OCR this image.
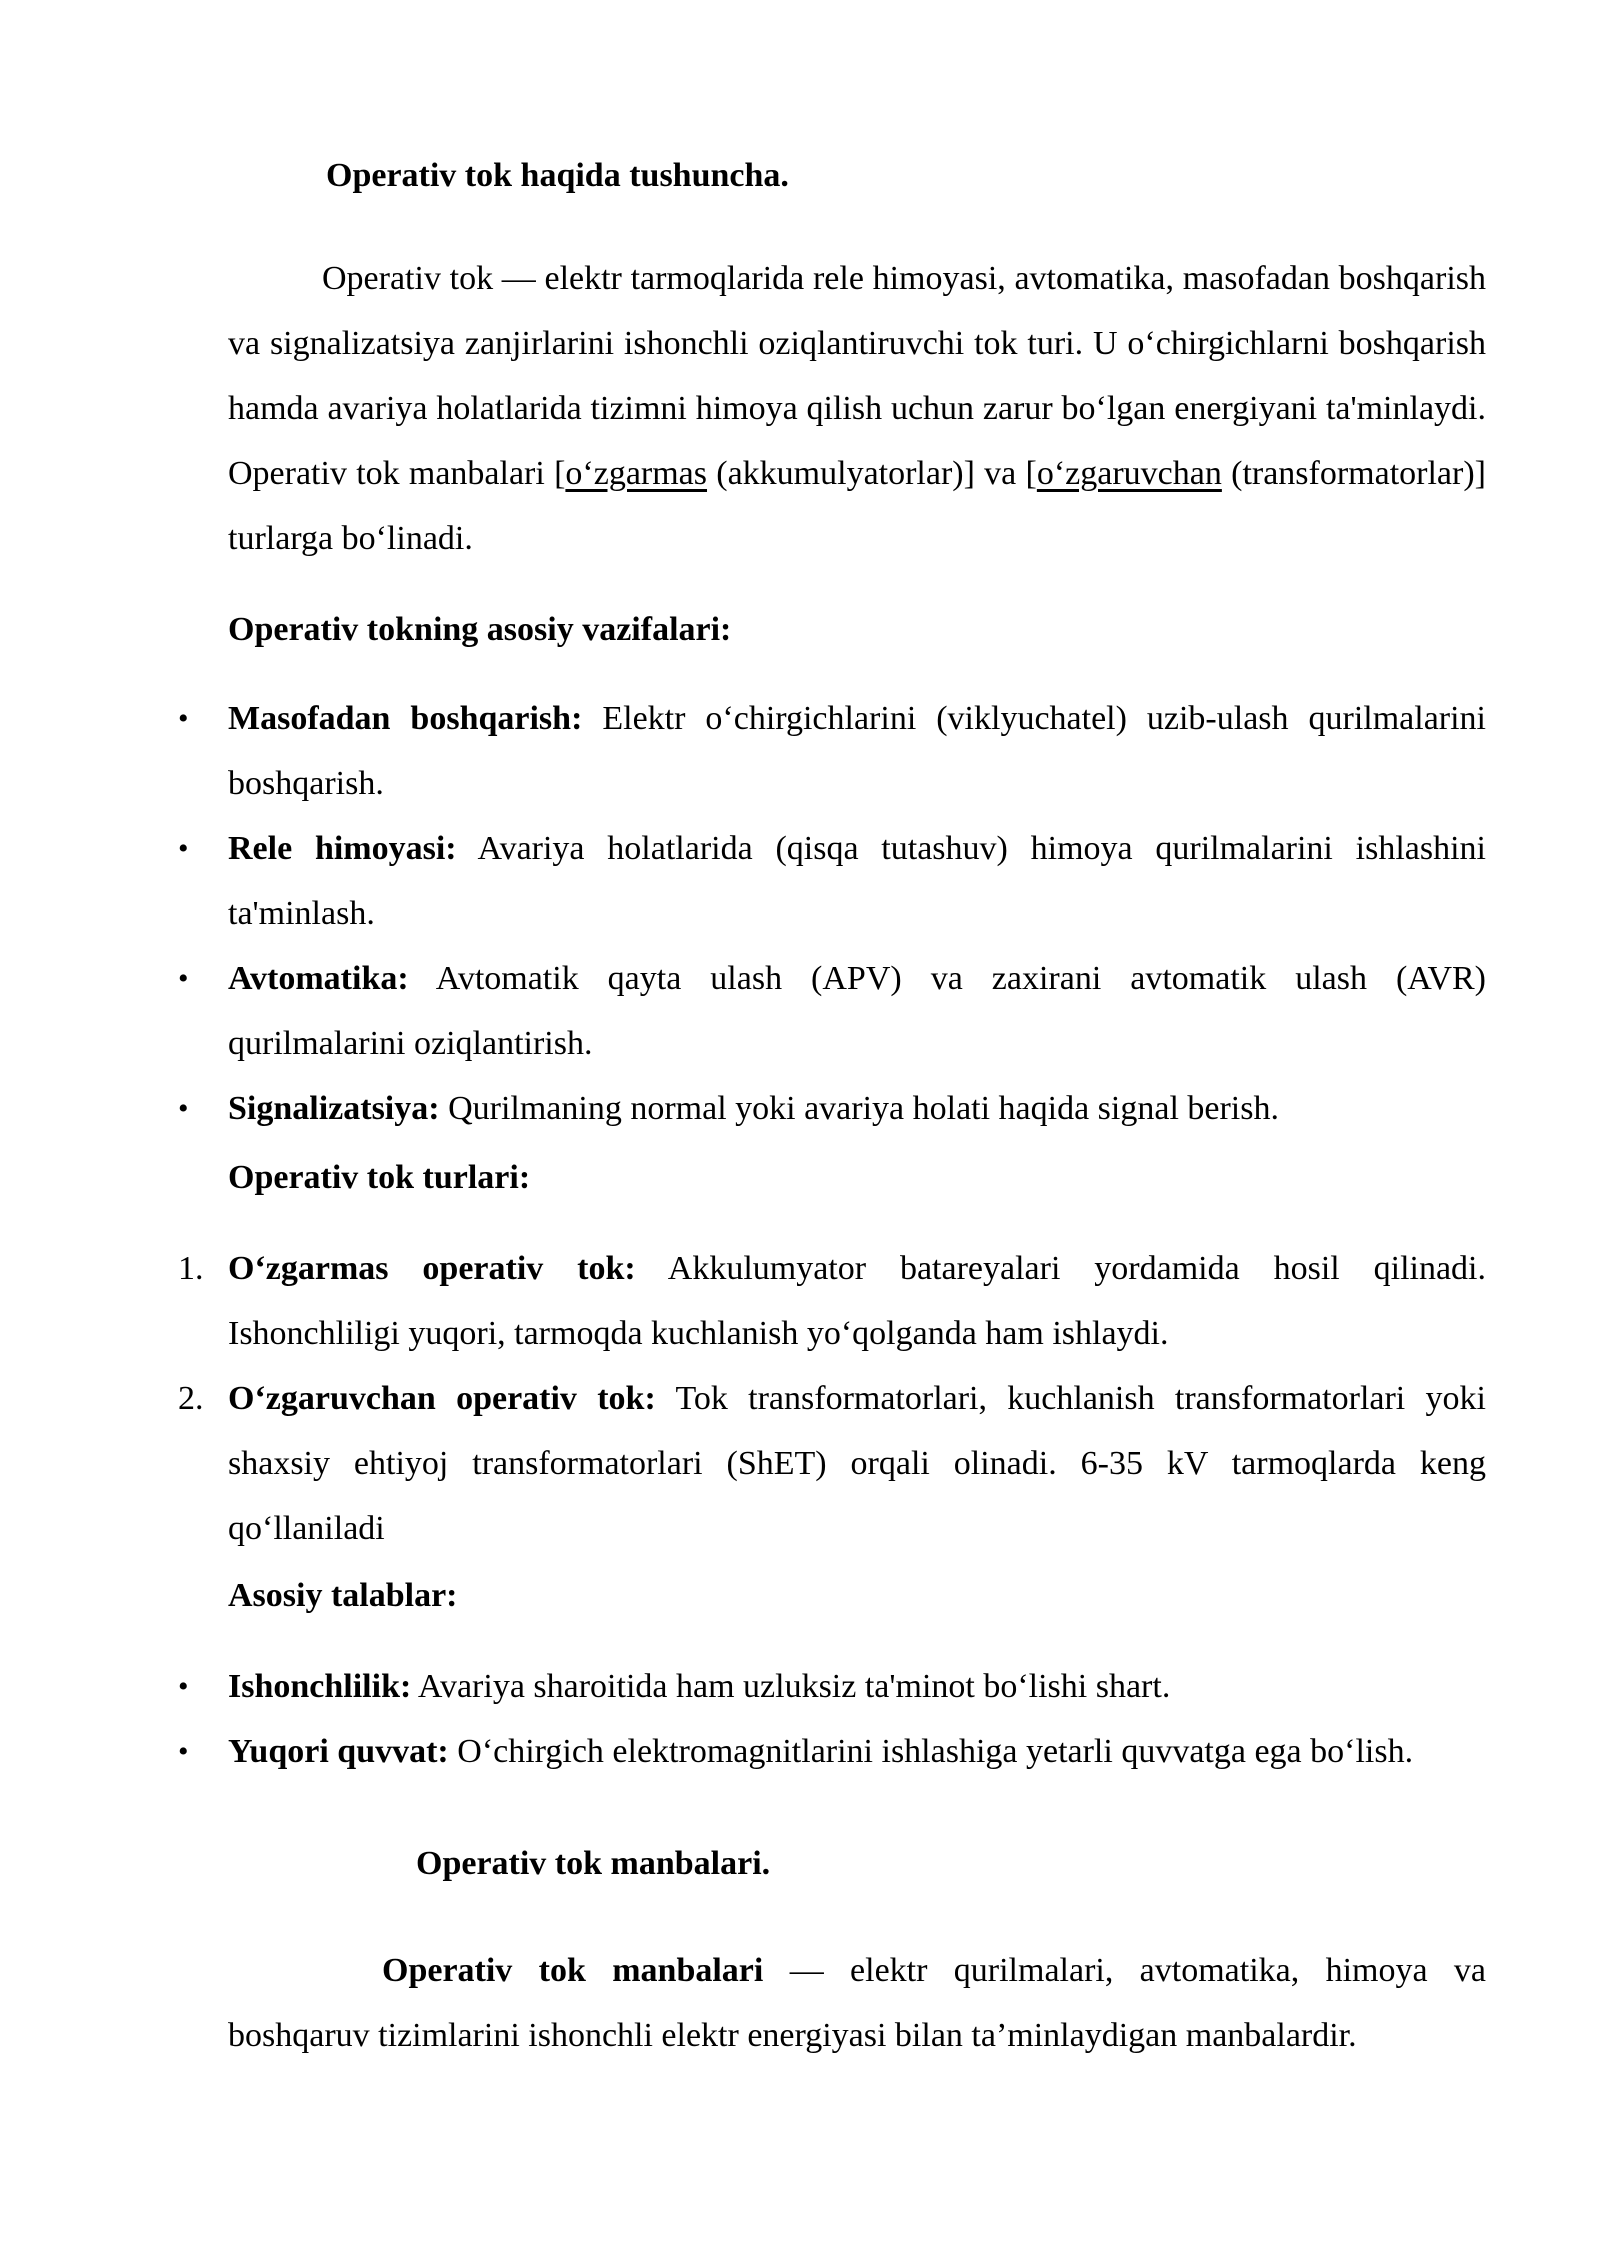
Operativ tok haqida tushuncha.

Operativ tok — elektr tarmoqlarida rele himoyasi, avtomatika, masofadan boshqarish va signalizatsiya zanjirlarini ishonchli oziqlantiruvchi tok turi. U o‘chirgichlarni boshqarish hamda avariya holatlarida tizimni himoya qilish uchun zarur bo‘lgan energiyani ta'minlaydi. Operativ tok manbalari [o‘zgarmas (akkumulyatorlar)] va [o‘zgaruvchan (transformatorlar)] turlarga bo‘linadi.

Operativ tokning asosiy vazifalari:
•	Masofadan boshqarish: Elektr o‘chirgichlarini (viklyuchatel) uzib-ulash qurilmalarini boshqarish.
•	Rele himoyasi: Avariya holatlarida (qisqa tutashuv) himoya qurilmalarini ishlashini ta'minlash.
•	Avtomatika: Avtomatik qayta ulash (APV) va zaxirani avtomatik ulash (AVR) qurilmalarini oziqlantirish.
•	Signalizatsiya: Qurilmaning normal yoki avariya holati haqida signal berish.
Operativ tok turlari:
1. O‘zgarmas operativ tok: Akkulumyator batareyalari yordamida hosil qilinadi. Ishonchliligi yuqori, tarmoqda kuchlanish yo‘qolganda ham ishlaydi.
2. O‘zgaruvchan operativ tok: Tok transformatorlari, kuchlanish transformatorlari yoki shaxsiy ehtiyoj transformatorlari (ShET) orqali olinadi. 6-35 kV tarmoqlarda keng qo‘llaniladi
Asosiy talablar:
•	Ishonchlilik: Avariya sharoitida ham uzluksiz ta'minot bo‘lishi shart.
•	Yuqori quvvat: O‘chirgich elektromagnitlarini ishlashiga yetarli quvvatga ega bo‘lish.
Operativ tok manbalari.

Operativ tok manbalari — elektr qurilmalari, avtomatika, himoya va boshqaruv tizimlarini ishonchli elektr energiyasi bilan ta’minlaydigan manbalardir.
